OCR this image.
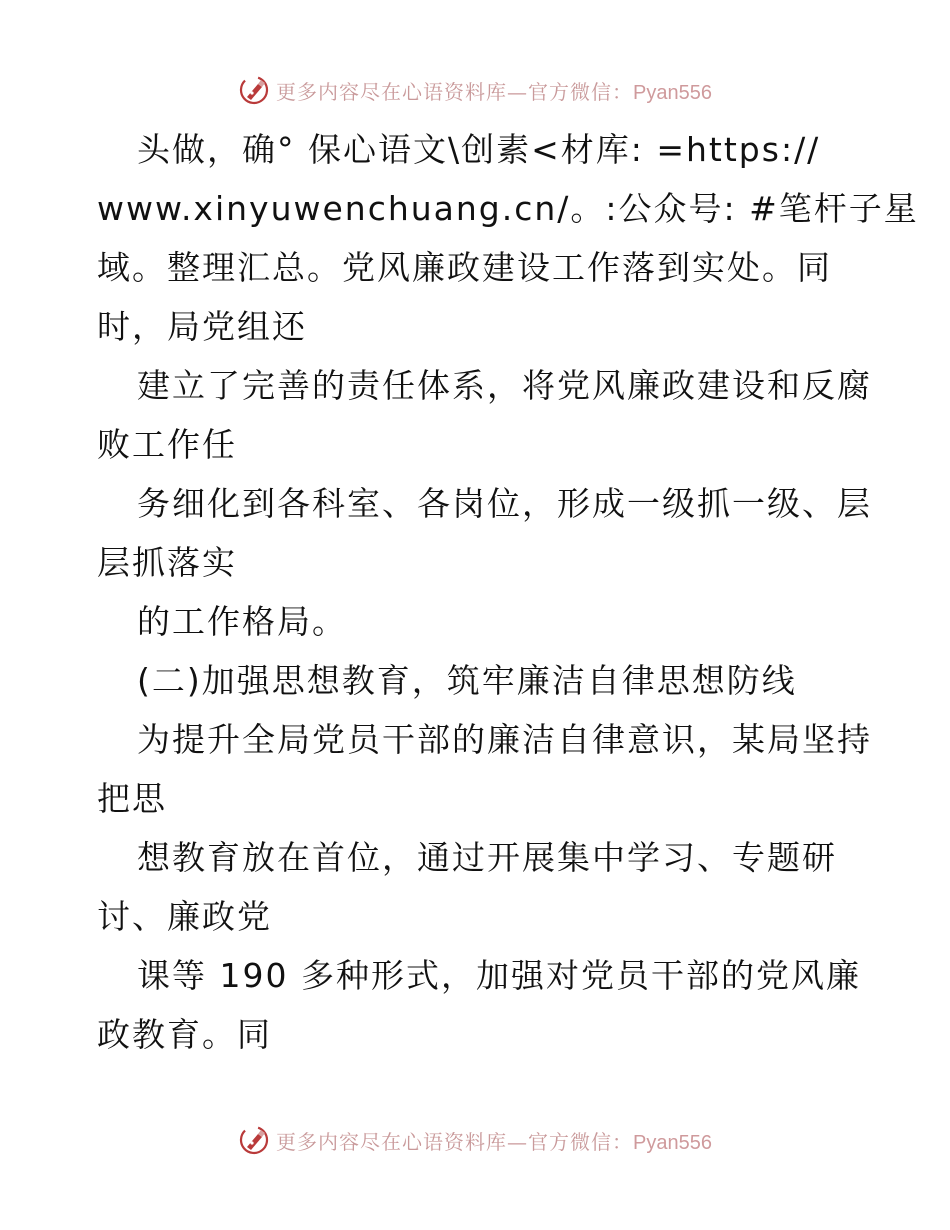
更多内容尽在心语资料库—官方微信：Pyan556
头做，确° 保心语文\创素<材库: =https://
www.xinyuwenchuang.cn/。:公众号: #笔杆子星
域。整理汇总。党风廉政建设工作落到实处。同
时，局党组还
建立了完善的责任体系，将党风廉政建设和反腐
败工作任
务细化到各科室、各岗位，形成一级抓一级、层
层抓落实
的工作格局。
(二)加强思想教育，筑牢廉洁自律思想防线
为提升全局党员干部的廉洁自律意识，某局坚持
把思
想教育放在首位，通过开展集中学习、专题研
讨、廉政党
课等 190 多种形式，加强对党员干部的党风廉
政教育。同
更多内容尽在心语资料库—官方微信：Pyan556
